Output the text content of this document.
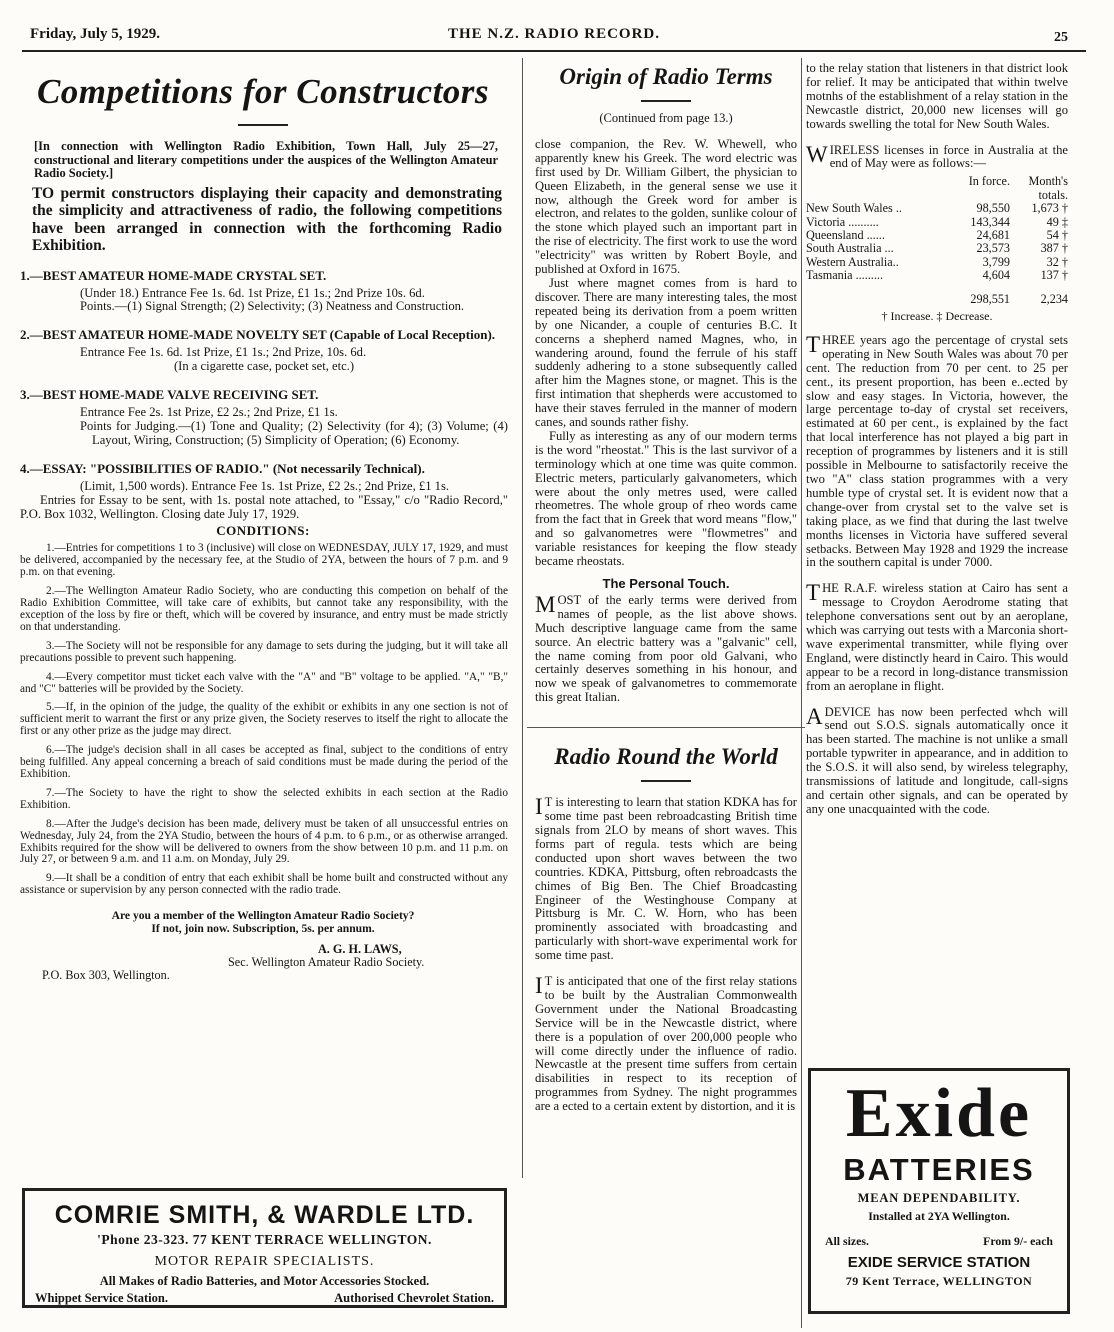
Friday, July 5, 1929.	THE N.Z. RADIO RECORD.	25
Competitions for Constructors

[In connection with Wellington Radio Exhibition, Town Hall, July 25—27, constructional and literary competitions under the auspices of the Wellington Amateur Radio Society.]

TO permit constructors displaying their capacity and demonstrating the simplicity and attractiveness of radio, the following competitions have been arranged in connection with the forthcoming Radio Exhibition.

1.—BEST AMATEUR HOME-MADE CRYSTAL SET.

(Under 18.) Entrance Fee 1s. 6d. 1st Prize, £1 1s.; 2nd Prize 10s. 6d.

Points.—(1) Signal Strength; (2) Selectivity; (3) Neatness and Construction.

2.—BEST AMATEUR HOME-MADE NOVELTY SET (Capable of Local Reception).

Entrance Fee 1s. 6d. 1st Prize, £1 1s.; 2nd Prize, 10s. 6d.

(In a cigarette case, pocket set, etc.)

3.—BEST HOME-MADE VALVE RECEIVING SET.

Entrance Fee 2s. 1st Prize, £2 2s.; 2nd Prize, £1 1s.

Points for Judging.—(1) Tone and Quality; (2) Selectivity (for 4); (3) Volume; (4) Layout, Wiring, Construction; (5) Simplicity of Operation; (6) Economy.

4.—ESSAY: "POSSIBILITIES OF RADIO." (Not necessarily Technical).

(Limit, 1,500 words). Entrance Fee 1s. 1st Prize, £2 2s.; 2nd Prize, £1 1s.

Entries for Essay to be sent, with 1s. postal note attached, to "Essay," c/o "Radio Record," P.O. Box 1032, Wellington. Closing date July 17, 1929.

CONDITIONS:

1.—Entries for competitions 1 to 3 (inclusive) will close on WEDNESDAY, JULY 17, 1929, and must be delivered, accompanied by the necessary fee, at the Studio of 2YA, between the hours of 7 p.m. and 9 p.m. on that evening.

2.—The Wellington Amateur Radio Society, who are conducting this competion on behalf of the Radio Exhibition Committee, will take care of exhibits, but cannot take any responsibility, with the exception of the loss by fire or theft, which will be covered by insurance, and entry must be made strictly on that understanding.

3.—The Society will not be responsible for any damage to sets during the judging, but it will take all precautions possible to prevent such happening.

4.—Every competitor must ticket each valve with the "A" and "B" voltage to be applied. "A," "B," and "C" batteries will be provided by the Society.

5.—If, in the opinion of the judge, the quality of the exhibit or exhibits in any one section is not of sufficient merit to warrant the first or any prize given, the Society reserves to itself the right to allocate the first or any other prize as the judge may direct.

6.—The judge's decision shall in all cases be accepted as final, subject to the conditions of entry being fulfilled. Any appeal concerning a breach of said conditions must be made during the period of the Exhibition.

7.—The Society to have the right to show the selected exhibits in each section at the Radio Exhibition.

8.—After the Judge's decision has been made, delivery must be taken of all unsuccessful entries on Wednesday, July 24, from the 2YA Studio, between the hours of 4 p.m. to 6 p.m., or as otherwise arranged. Exhibits required for the show will be delivered to owners from the show between 10 p.m. and 11 p.m. on July 27, or between 9 a.m. and 11 a.m. on Monday, July 29.

9.—It shall be a condition of entry that each exhibit shall be home built and constructed without any assistance or supervision by any person connected with the radio trade.

Are you a member of the Wellington Amateur Radio Society?
If not, join now. Subscription, 5s. per annum.
A. G. H. LAWS,
Sec. Wellington Amateur Radio Society.
P.O. Box 303, Wellington.
COMRIE SMITH, & WARDLE LTD.
'Phone 23-323. 77 KENT TERRACE WELLINGTON.
MOTOR REPAIR SPECIALISTS.
All Makes of Radio Batteries, and Motor Accessories Stocked.
Whippet Service Station.	Authorised Chevrolet Station.
Origin of Radio Terms
(Continued from page 13.)

close companion, the Rev. W. Whewell, who apparently knew his Greek. The word electric was first used by Dr. William Gilbert, the physician to Queen Elizabeth, in the general sense we use it now, although the Greek word for amber is electron, and relates to the golden, sunlike colour of the stone which played such an important part in the rise of electricity. The first work to use the word "electricity" was written by Robert Boyle, and published at Oxford in 1675.

Just where magnet comes from is hard to discover. There are many interesting tales, the most repeated being its derivation from a poem written by one Nicander, a couple of centuries B.C. It concerns a shepherd named Magnes, who, in wandering around, found the ferrule of his staff suddenly adhering to a stone subsequently called after him the Magnes stone, or magnet. This is the first intimation that shepherds were accustomed to have their staves ferruled in the manner of modern canes, and sounds rather fishy.

Fully as interesting as any of our modern terms is the word "rheostat." This is the last survivor of a terminology which at one time was quite common. Electric meters, particularly galvanometers, which were about the only metres used, were called rheometres. The whole group of rheo words came from the fact that in Greek that word means "flow," and so galvanometres were "flowmetres" and variable resistances for keeping the flow steady became rheostats.

The Personal Touch.

MOST of the early terms were derived from names of people, as the list above shows. Much descriptive language came from the same source. An electric battery was a "galvanic" cell, the name coming from poor old Galvani, who certainly deserves something in his honour, and now we speak of galvanometres to commemorate this great Italian.

Radio Round the World

I T is interesting to learn that station KDKA has for some time past been rebroadcasting British time signals from 2LO by means of short waves. This forms part of regula. tests which are being conducted upon short waves between the two countries. KDKA, Pittsburg, often rebroadcasts the chimes of Big Ben. The Chief Broadcasting Engineer of the Westinghouse Company at Pittsburg is Mr. C. W. Horn, who has been prominently associated with broadcasting and particularly with short-wave experimental work for some time past.

I T is anticipated that one of the first relay stations to be built by the Australian Commonwealth Government under the National Broadcasting Service will be in the Newcastle district, where there is a population of over 200,000 people who will come directly under the influence of radio. Newcastle at the present time suffers from certain disabilities in respect to its reception of programmes from Sydney. The night programmes are a ected to a certain extent by distortion, and it is

to the relay station that listeners in that district look for relief. It may be anticipated that within twelve motnhs of the establishment of a relay station in the Newcastle district, 20,000 new licenses will go towards swelling the total for New South Wales.

WIRELESS licenses in force in Australia at the end of May were as follows:—

	In force.	Month's totals.
New South Wales ..	98,550	1,673 †
Victoria ..........	143,344	49 ‡
Queensland ......	24,681	54 †
South Australia ...	23,573	387 †
Western Australia..	3,799	32 †
Tasmania .........	4,604	137 †
	298,551	2,234
† Increase. ‡ Decrease.

THREE years ago the percentage of crystal sets operating in New South Wales was about 70 per cent. The reduction from 70 per cent. to 25 per cent., its present proportion, has been e..ected by slow and easy stages. In Victoria, however, the large percentage to-day of crystal set receivers, estimated at 60 per cent., is explained by the fact that local interference has not played a big part in reception of programmes by listeners and it is still possible in Melbourne to satisfactorily receive the two "A" class station programmes with a very humble type of crystal set. It is evident now that a change-over from crystal set to the valve set is taking place, as we find that during the last twelve months licenses in Victoria have suffered several setbacks. Between May 1928 and 1929 the increase in the southern capital is under 7000.

THE R.A.F. wireless station at Cairo has sent a message to Croydon Aerodrome stating that telephone conversations sent out by an aeroplane, which was carrying out tests with a Marconia short-wave experimental transmitter, while flying over England, were distinctly heard in Cairo. This would appear to be a record in long-distance transmission from an aeroplane in flight.

ADEVICE has now been perfected whch will send out S.O.S. signals automatically once it has been started. The machine is not unlike a small portable typwriter in appearance, and in addition to the S.O.S. it will also send, by wireless telegraphy, transmissions of latitude and longitude, call-signs and certain other signals, and can be operated by any one unacquainted with the code.

Exide
BATTERIES
MEAN DEPENDABILITY.
Installed at 2YA Wellington.
All sizes.	From 9/- each
EXIDE SERVICE STATION
79 Kent Terrace, WELLINGTON
